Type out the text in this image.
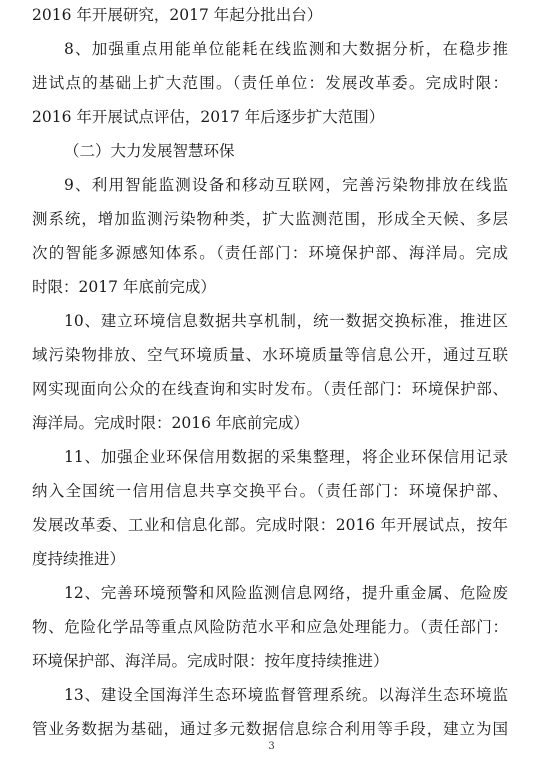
2016 年开展研究，2017 年起分批出台）
8、加强重点用能单位能耗在线监测和大数据分析，在稳步推
进试点的基础上扩大范围。（责任单位：发展改革委。完成时限：
2016 年开展试点评估，2017 年后逐步扩大范围）
（二）大力发展智慧环保
9、利用智能监测设备和移动互联网，完善污染物排放在线监
测系统，增加监测污染物种类，扩大监测范围，形成全天候、多层
次的智能多源感知体系。（责任部门：环境保护部、海洋局。完成
时限：2017 年底前完成）
10、建立环境信息数据共享机制，统一数据交换标准，推进区
域污染物排放、空气环境质量、水环境质量等信息公开，通过互联
网实现面向公众的在线查询和实时发布。（责任部门：环境保护部、
海洋局。完成时限：2016 年底前完成）
11、加强企业环保信用数据的采集整理，将企业环保信用记录
纳入全国统一信用信息共享交换平台。（责任部门：环境保护部、
发展改革委、工业和信息化部。完成时限：2016 年开展试点，按年
度持续推进）
12、完善环境预警和风险监测信息网络，提升重金属、危险废
物、危险化学品等重点风险防范水平和应急处理能力。（责任部门：
环境保护部、海洋局。完成时限：按年度持续推进）
13、建设全国海洋生态环境监督管理系统。以海洋生态环境监
管业务数据为基础，通过多元数据信息综合利用等手段，建立为国
3
